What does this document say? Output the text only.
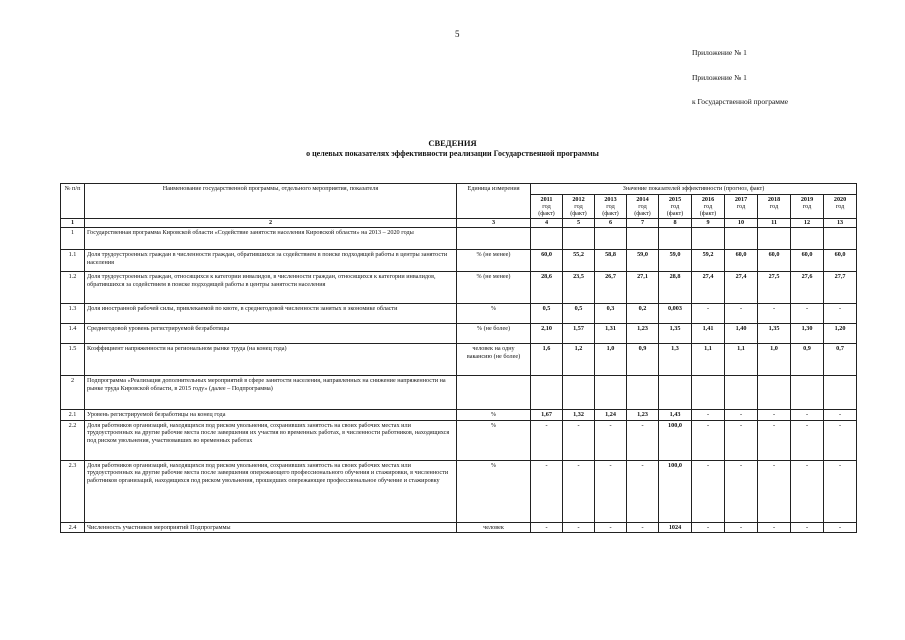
5
Приложение № 1
Приложение № 1
к Государственной программе
СВЕДЕНИЯ
о целевых показателях эффективности реализации Государственной программы
№ п/п	Наименование государственной программы, отдельного мероприятия, показателя	Единица измерения	Значение показателей эффективности (прогноз, факт)									

			2011
год
(факт)	2012
год
(факт)	2013
год
(факт)	2014
год
(факт)	2015
год
(факт)	2016
год
(факт)	2017
год	2018
год	2019
год	2020
год

1	2	3	4	5	6	7	8	9	10	11	12	13
1	Государственная программа Кировской области «Содействие занятости населения Кировской области» на 2013 – 2020 годы											
1.1	Доля трудоустроенных граждан в численности граждан, обратившихся за содействием в поиске подходящей работы в центры занятости населения	% (не менее)	60,0	55,2	58,8	59,0	59,0	59,2	60,0	60,0	60,0	60,0
1.2	Доля трудоустроенных граждан, относящихся к категории инвалидов, в численности граждан, относящихся к категории инвалидов, обратившихся за содействием в поиске подходящей работы в центры занятости населения	% (не менее)	28,6	23,5	26,7	27,1	28,8	27,4	27,4	27,5	27,6	27,7
1.3	Доля иностранной рабочей силы, привлекаемой по квоте, в среднегодовой численности занятых в экономике области	%	0,5	0,5	0,3	0,2	0,003	-	-	-	-	-
1.4	Среднегодовой уровень регистрируемой безработицы	% (не более)	2,10	1,57	1,31	1,23	1,35	1,41	1,40	1,35	1,30	1,20
1.5	Коэффициент напряженности на региональном рынке труда (на конец года)	человек на одну вакансию (не более)	1,6	1,2	1,0	0,9	1,3	1,1	1,1	1,0	0,9	0,7
2	Подпрограмма «Реализация дополнительных мероприятий в сфере занятости населения, направленных на снижение напряженности на рынке труда Кировской области, в 2015 году» (далее – Подпрограмма)											
2.1	Уровень регистрируемой безработицы на конец года	%	1,67	1,32	1,24	1,23	1,43	-	-	-	-	-
2.2	Доля работников организаций, находящихся под риском увольнения, сохранивших занятость на своих рабочих местах или трудоустроенных на другие рабочие места после завершения их участия во временных работах, в численности работников, находящихся под риском увольнения, участвовавших во временных работах	%	-	-	-	-	100,0	-	-	-	-	-
2.3	Доля работников организаций, находящихся под риском увольнения, сохранивших занятость на своих рабочих местах или трудоустроенных на другие рабочие места после завершения опережающего профессионального обучения и стажировки, в численности работников организаций, находящихся под риском увольнения, прошедших опережающее профессиональное обучение и стажировку	%	-	-	-	-	100,0	-	-	-	-	-
2.4	Численность участников мероприятий Подпрограммы	человек	-	-	-	-	1024	-	-	-	-	-
